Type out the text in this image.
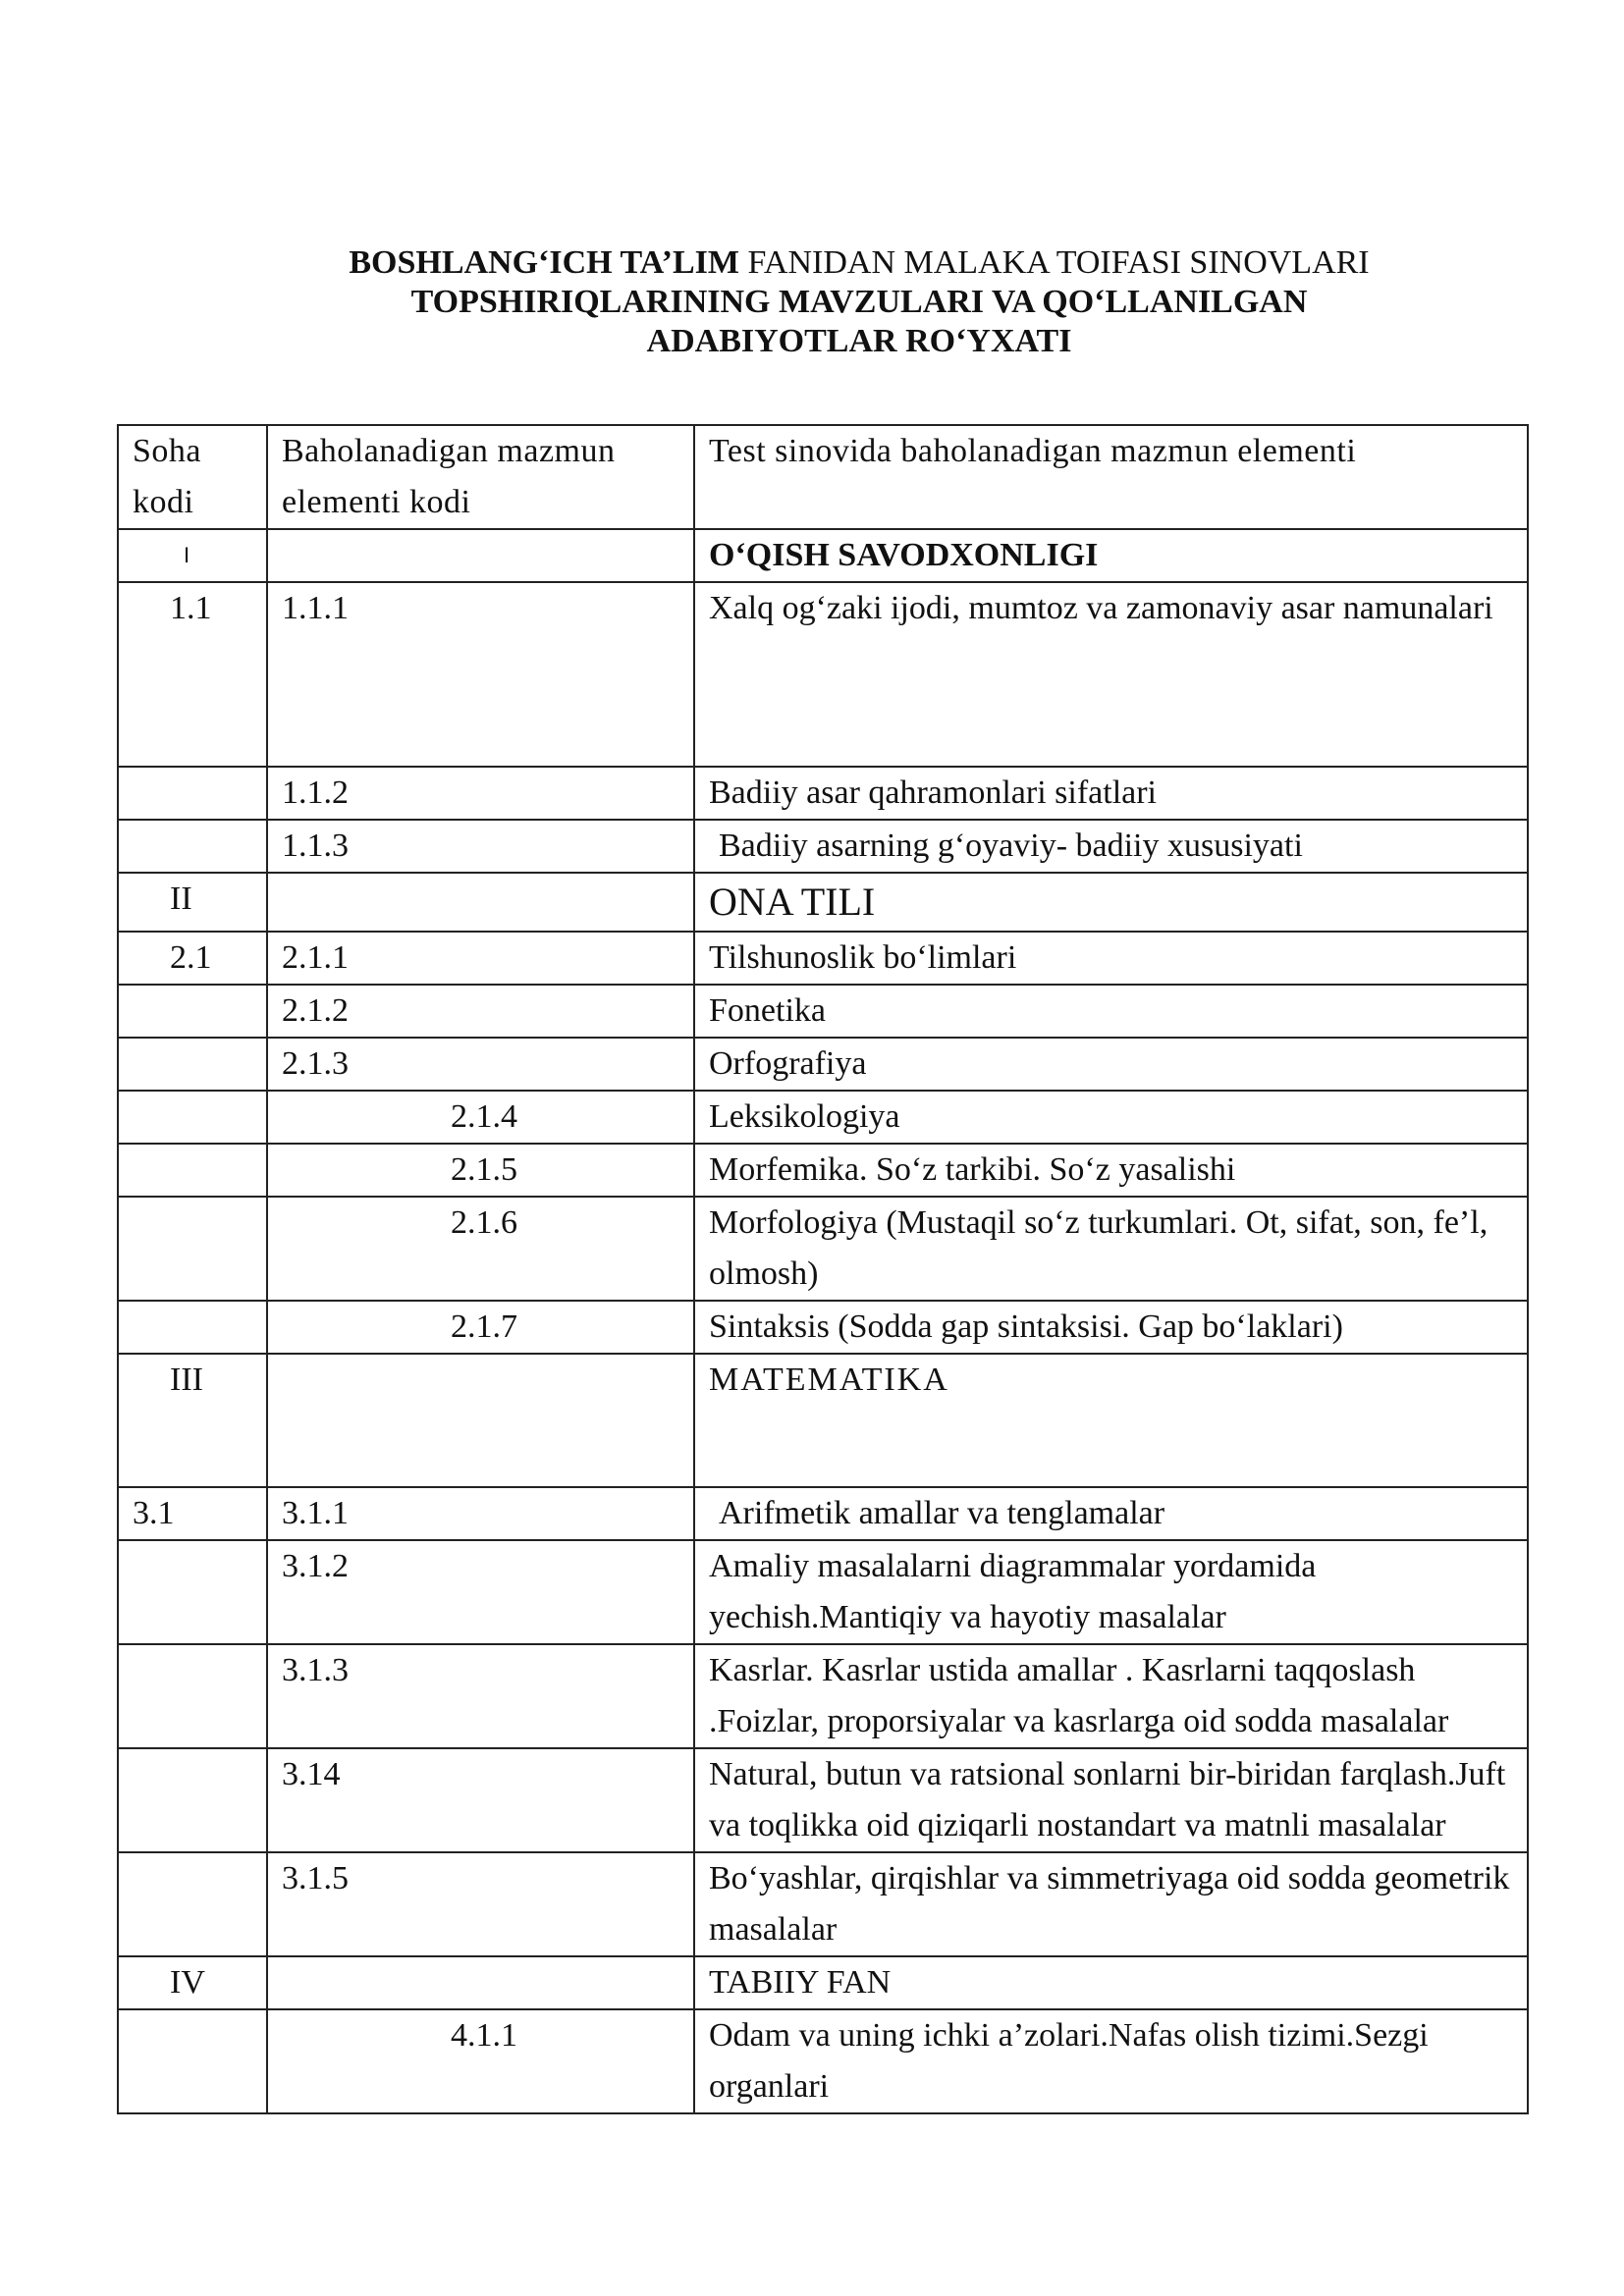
BOSHLANG‘ICH TA’LIM FANIDAN MALAKA TOIFASI SINOVLARI
TOPSHIRIQLARINING MAVZULARI VA QO‘LLANILGAN
ADABIYOTLAR RO‘YXATI
Soha kodi	Baholanadigan mazmun elementi kodi	Test sinovida baholanadigan mazmun elementi
I		O‘QISH SAVODXONLIGI
1.1	1.1.1	Xalq og‘zaki ijodi, mumtoz va zamonaviy asar namunalari
	1.1.2	Badiiy asar qahramonlari sifatlari
	1.1.3	Badiiy asarning g‘oyaviy- badiiy xususiyati
II		ONA TILI
2.1	2.1.1	Tilshunoslik bo‘limlari
	2.1.2	Fonetika
	2.1.3	Orfografiya
	2.1.4	Leksikologiya
	2.1.5	Morfemika. So‘z tarkibi. So‘z yasalishi
	2.1.6	Morfologiya (Mustaqil so‘z turkumlari. Ot, sifat, son, fe’l, olmosh)
	2.1.7	Sintaksis (Sodda gap sintaksisi. Gap bo‘laklari)
III		MATEMATIKA
3.1	3.1.1	Arifmetik amallar va tenglamalar
	3.1.2	Amaliy masalalarni diagrammalar yordamida yechish.Mantiqiy va hayotiy masalalar
	3.1.3	Kasrlar. Kasrlar ustida amallar . Kasrlarni taqqoslash .Foizlar, proporsiyalar va kasrlarga oid sodda masalalar
	3.14	Natural, butun va ratsional sonlarni bir-biridan farqlash.Juft va toqlikka oid qiziqarli nostandart va matnli masalalar
	3.1.5	Bo‘yashlar, qirqishlar va simmetriyaga oid sodda geometrik masalalar
IV		TABIIY FAN
	4.1.1	Odam va uning ichki a’zolari.Nafas olish tizimi.Sezgi organlari
